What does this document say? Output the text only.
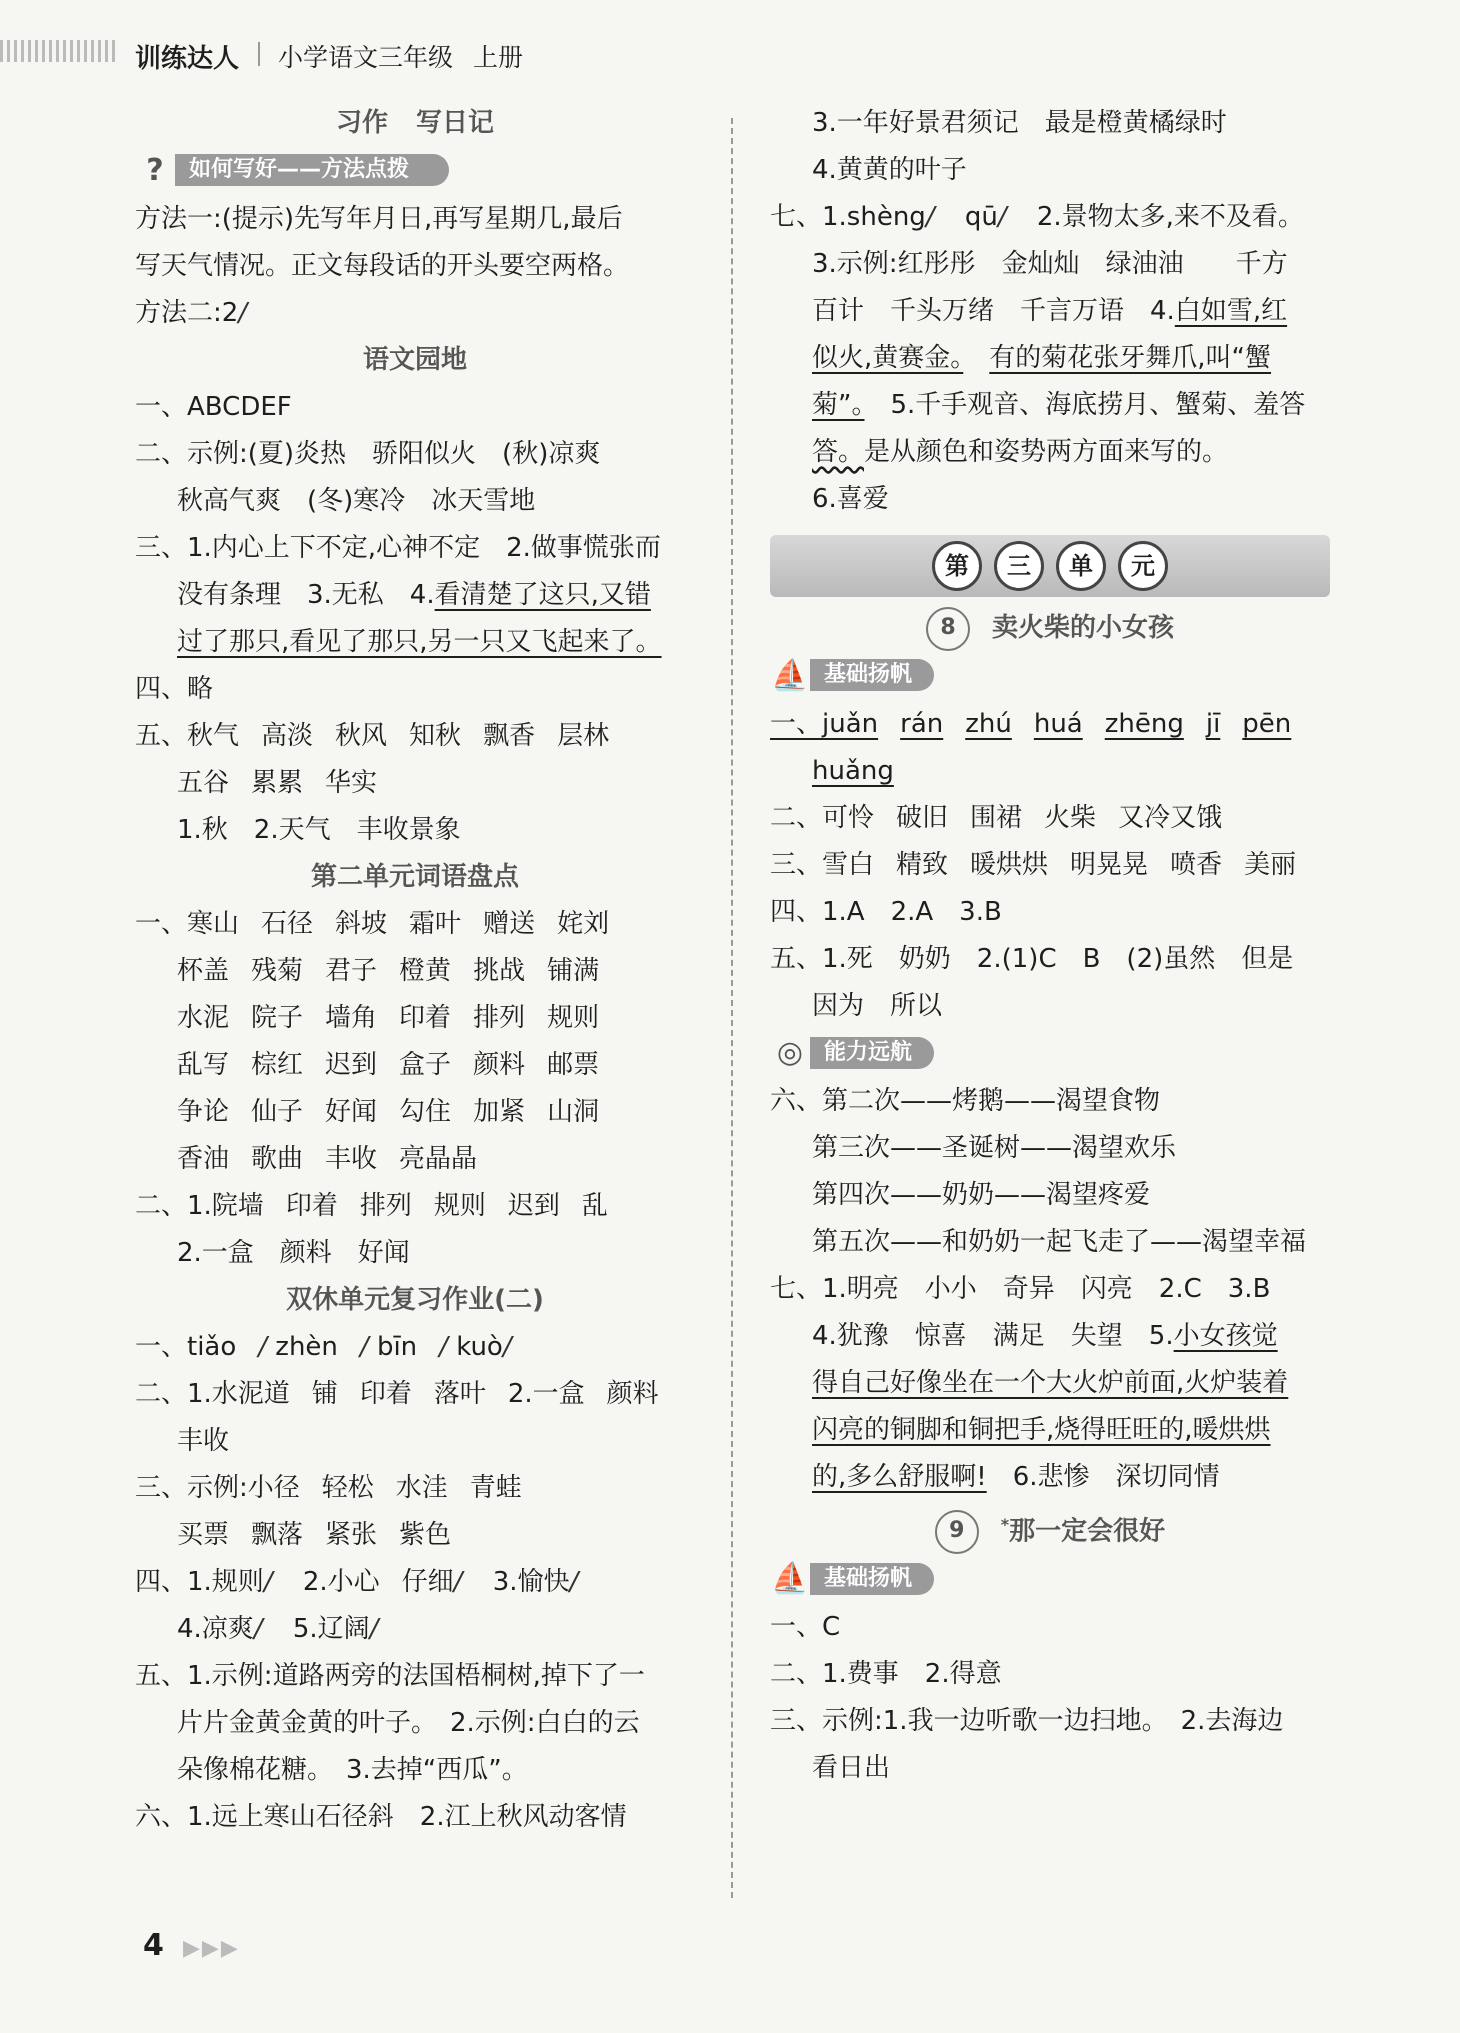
训练达人 小学语文三年级 上册
习作 写日记
?	如何写好——方法点拨
方法一:(提示)先写年月日,再写星期几,最后
写天气情况。正文每段话的开头要空两格。
方法二:2/
语文园地
一、ABCDEF
二、示例:(夏)炎热　骄阳似火　(秋)凉爽
秋高气爽　(冬)寒冷　冰天雪地
三、1.内心上下不定,心神不定　2.做事慌张而
没有条理　3.无私　4.看清楚了这只,又错
过了那只,看见了那只,另一只又飞起来了。
四、略
五、秋气 高淡 秋风 知秋 飘香 层林
五谷 累累 华实
1.秋　2.天气　丰收景象
第二单元词语盘点
一、寒山 石径 斜坡 霜叶 赠送 姹刘
杯盖 残菊 君子 橙黄 挑战 铺满
水泥 院子 墙角 印着 排列 规则
乱写 棕红 迟到 盒子 颜料 邮票
争论 仙子 好闻 勾住 加紧 山洞
香油 歌曲 丰收 亮晶晶
二、1.院墙 印着 排列 规则 迟到 乱
2.一盒　颜料　好闻
双休单元复习作业(二)
一、tiǎo / zhèn / bīn / kuò/
二、1.水泥道 铺 印着 落叶 2.一盒 颜料
丰收
三、示例:小径 轻松 水洼 青蛙
买票 飘落 紧张 紫色
四、1.规则/ 2.小心 仔细/ 3.愉快/
4.凉爽/ 5.辽阔/
五、1.示例:道路两旁的法国梧桐树,掉下了一
片片金黄金黄的叶子。　2.示例:白白的云
朵像棉花糖。　3.去掉“西瓜”。
六、1.远上寒山石径斜　2.江上秋风动客情
3.一年好景君须记　最是橙黄橘绿时
4.黄黄的叶子
七、1.shèng/ qū/ 2.景物太多,来不及看。
3.示例:红彤彤　金灿灿　绿油油　　千方
百计　千头万绪　千言万语　4.白如雪,红
似火,黄赛金。　 有的菊花张牙舞爪,叫“蟹
菊”。　 5.千手观音、海底捞月、蟹菊、羞答
答。是从颜色和姿势两方面来写的。
6.喜爱
第	三	单	元
8 卖火柴的小女孩
⛵ 基础扬帆
一、juǎn rán zhú huá zhēng jī pēn
huǎng
二、可怜 破旧 围裙 火柴 又冷又饿
三、雪白 精致 暖烘烘 明晃晃 喷香 美丽
四、1.A　2.A　3.B
五、1.死　奶奶　2.(1)C　B　(2)虽然　但是
因为　所以
◎ 能力远航
六、第二次——烤鹅——渴望食物
第三次——圣诞树——渴望欢乐
第四次——奶奶——渴望疼爱
第五次——和奶奶一起飞走了——渴望幸福
七、1.明亮　小小　奇异　闪亮　2.C　3.B
4.犹豫　惊喜　满足　失望　5.小女孩觉
得自己好像坐在一个大火炉前面,火炉装着
闪亮的铜脚和铜把手,烧得旺旺的,暖烘烘
的,多么舒服啊!　 6.悲惨　深切同情
9 *那一定会很好
⛵ 基础扬帆
一、C
二、1.费事　2.得意
三、示例:1.我一边听歌一边扫地。　2.去海边
看日出
4 ▶▶▶
